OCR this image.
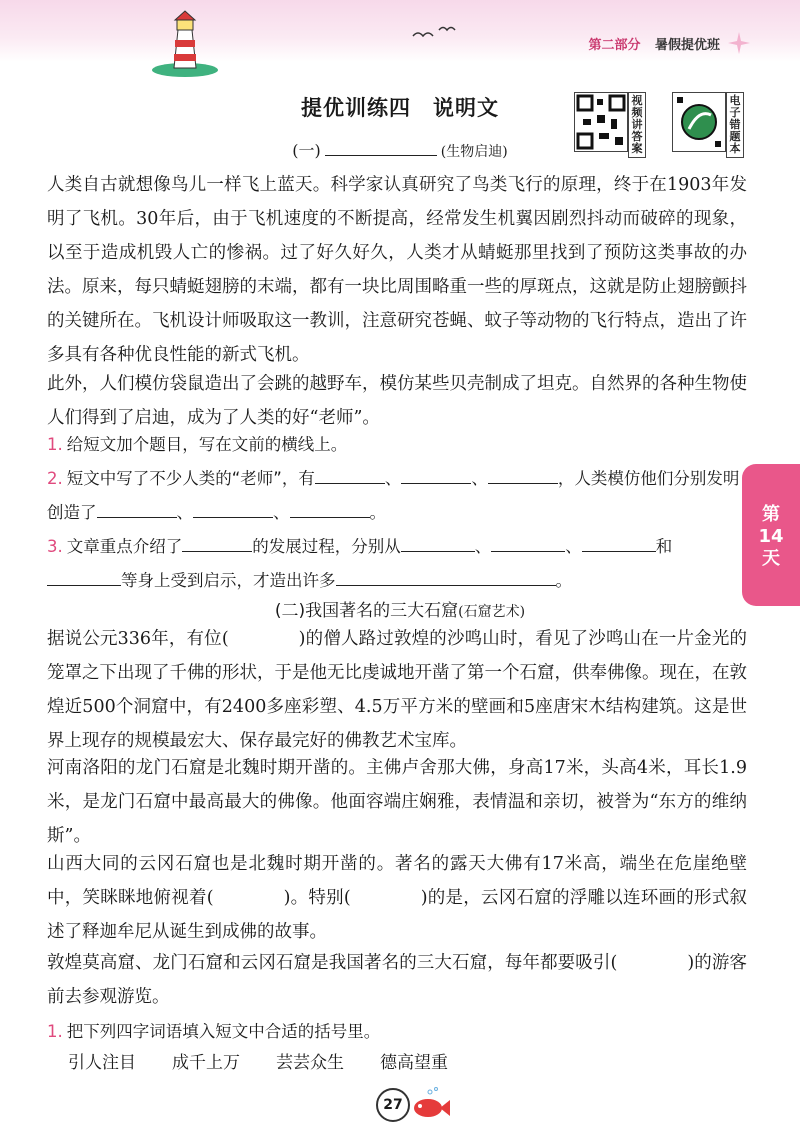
第二部分 暑假提优班
提优训练四 说明文	视频讲答案
电子错题本
(一)	(生物启迪)

人类自古就想像鸟儿一样飞上蓝天。科学家认真研究了鸟类飞行的原理，终于在1903年发明了飞机。30年后，由于飞机速度的不断提高，经常发生机翼因剧烈抖动而破碎的现象，以至于造成机毁人亡的惨祸。过了好久好久，人类才从蜻蜓那里找到了预防这类事故的办法。原来，每只蜻蜓翅膀的末端，都有一块比周围略重一些的厚斑点，这就是防止翅膀颤抖的关键所在。飞机设计师吸取这一教训，注意研究苍蝇、蚊子等动物的飞行特点，造出了许多具有各种优良性能的新式飞机。

此外，人们模仿袋鼠造出了会跳的越野车，模仿某些贝壳制成了坦克。自然界的各种生物使人们得到了启迪，成为了人类的好“老师”。

1. 给短文加个题目，写在文前的横线上。

2. 短文中写了不少人类的“老师”，有	、	、	，人类模仿他们分别发明创造了	、	、	。

3. 文章重点介绍了	的发展过程，分别从	、	、	和
等身上受到启示，才造出许多	。

(二)我国著名的三大石窟(石窟艺术)

据说公元336年，有位(	)的僧人路过敦煌的沙鸣山时，看见了沙鸣山在一片金光的笼罩之下出现了千佛的形状，于是他无比虔诚地开凿了第一个石窟，供奉佛像。现在，在敦煌近500个洞窟中，有2400多座彩塑、4.5万平方米的壁画和5座唐宋木结构建筑。这是世界上现存的规模最宏大、保存最完好的佛教艺术宝库。

河南洛阳的龙门石窟是北魏时期开凿的。主佛卢舍那大佛，身高17米，头高4米，耳长1.9米，是龙门石窟中最高最大的佛像。他面容端庄娴雅，表情温和亲切，被誉为“东方的维纳斯”。

山西大同的云冈石窟也是北魏时期开凿的。著名的露天大佛有17米高，端坐在危崖绝壁中，笑眯眯地俯视着(	)。特别(	)的是，云冈石窟的浮雕以连环画的形式叙述了释迦牟尼从诞生到成佛的故事。

敦煌莫高窟、龙门石窟和云冈石窟是我国著名的三大石窟，每年都要吸引(	)的游客前去参观游览。

1. 把下列四字词语填入短文中合适的括号里。

引人注目 成千上万 芸芸众生 德高望重
第
14
天
27
